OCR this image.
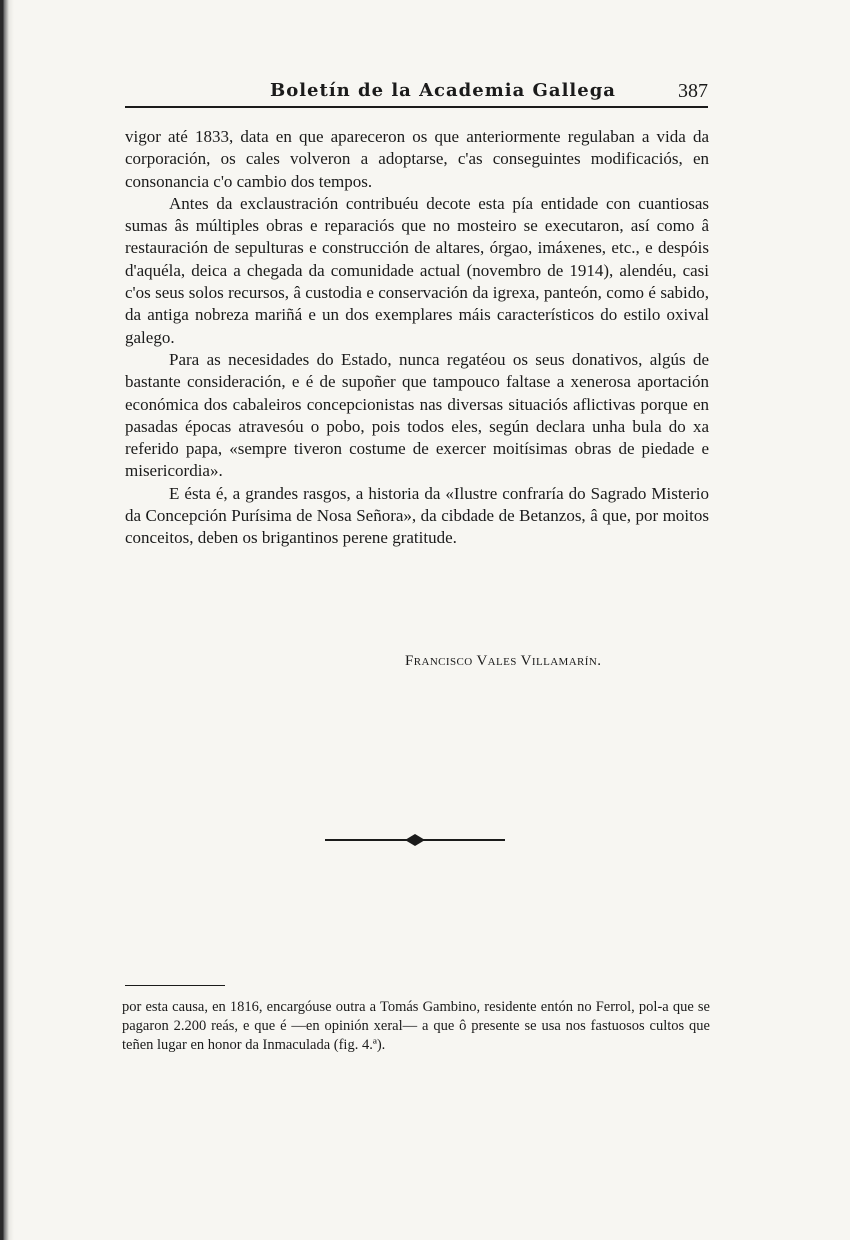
Boletín de la Academia Gallega	387

vigor até 1833, data en que apareceron os que anteriormente regulaban a vida da corporación, os cales volveron a adoptarse, c'as conseguintes modificaciós, en consonancia c'o cambio dos tempos.

Antes da exclaustración contribuéu decote esta pía entidade con cuantiosas sumas âs múltiples obras e reparaciós que no mosteiro se executaron, así como â restauración de sepulturas e construcción de altares, órgao, imáxenes, etc., e despóis d'aquéla, deica a chegada da comunidade actual (novembro de 1914), alendéu, casi c'os seus solos recursos, â custodia e conservación da igrexa, panteón, como é sabido, da antiga nobreza mariñá e un dos exemplares máis característicos do estilo oxival galego.

Para as necesidades do Estado, nunca regatéou os seus donativos, algús de bastante consideración, e é de supoñer que tampouco faltase a xenerosa aportación económica dos cabaleiros concepcionistas nas diversas situaciós aflictivas porque en pasadas épocas atravesóu o pobo, pois todos eles, según declara unha bula do xa referido papa, «sempre tiveron costume de exercer moitísimas obras de piedade e misericordia».

E ésta é, a grandes rasgos, a historia da «Ilustre confraría do Sagrado Misterio da Concepción Purísima de Nosa Señora», da cibdade de Betanzos, â que, por moitos conceitos, deben os brigantinos perene gratitude.

Francisco Vales Villamarín.
por esta causa, en 1816, encargóuse outra a Tomás Gambino, residente entón no Ferrol, pol-a que se pagaron 2.200 reás, e que é —en opinión xeral— a que ô presente se usa nos fastuosos cultos que teñen lugar en honor da Inmaculada (fig. 4.ª).
